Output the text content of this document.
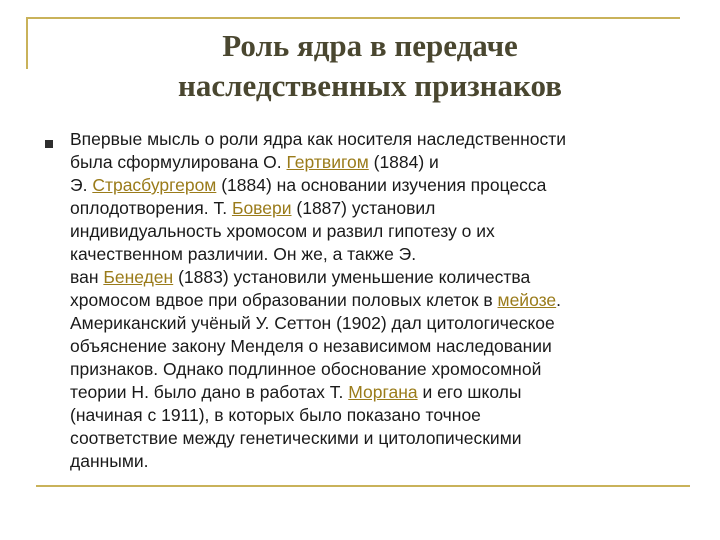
Роль ядра в передаче
наследственных признаков
Впервые мысль о роли ядра как носителя наследственности
была сформулирована О. Гертвигом (1884) и
Э. Страсбургером (1884) на основании изучения процесса
оплодотворения. Т. Бовери (1887) установил
индивидуальность хромосом и развил гипотезу о их
качественном различии. Он же, а также Э.
ван Бенеден (1883) установили уменьшение количества
хромосом вдвое при образовании половых клеток в мейозе.
Американский учёный У. Сеттон (1902) дал цитологическое
объяснение закону Менделя о независимом наследовании
признаков. Однако подлинное обоснование хромосомной
теории Н. было дано в работах Т. Моргана и его школы
(начиная с 1911), в которых было показано точное
соответствие между генетическими и цитолопическими
данными.
